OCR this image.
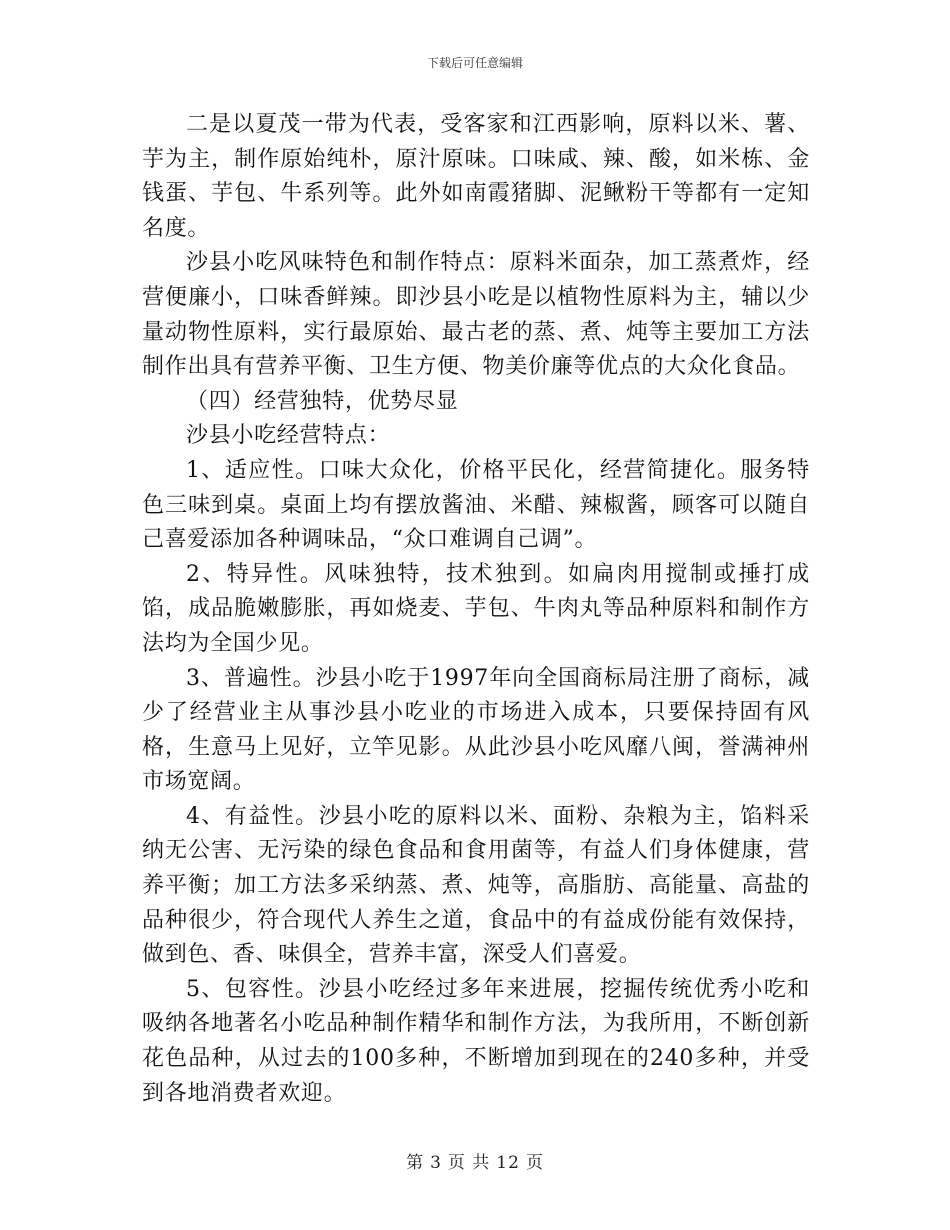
下载后可任意编辑

二是以夏茂一带为代表，受客家和江西影响，原料以米、薯、芋为主，制作原始纯朴，原汁原味。口味咸、辣、酸，如米栋、金钱蛋、芋包、牛系列等。此外如南霞猪脚、泥鳅粉干等都有一定知名度。

沙县小吃风味特色和制作特点：原料米面杂，加工蒸煮炸，经营便廉小，口味香鲜辣。即沙县小吃是以植物性原料为主，辅以少量动物性原料，实行最原始、最古老的蒸、煮、炖等主要加工方法制作出具有营养平衡、卫生方便、物美价廉等优点的大众化食品。

（四）经营独特，优势尽显

沙县小吃经营特点：

1、适应性。口味大众化，价格平民化，经营简捷化。服务特色三味到桌。桌面上均有摆放酱油、米醋、辣椒酱，顾客可以随自己喜爱添加各种调味品，“众口难调自己调”。

2、特异性。风味独特，技术独到。如扁肉用搅制或捶打成馅，成品脆嫩膨胀，再如烧麦、芋包、牛肉丸等品种原料和制作方法均为全国少见。

3、普遍性。沙县小吃于1997年向全国商标局注册了商标，减少了经营业主从事沙县小吃业的市场进入成本，只要保持固有风格，生意马上见好，立竿见影。从此沙县小吃风靡八闽，誉满神州市场宽阔。

4、有益性。沙县小吃的原料以米、面粉、杂粮为主，馅料采纳无公害、无污染的绿色食品和食用菌等，有益人们身体健康，营养平衡；加工方法多采纳蒸、煮、炖等，高脂肪、高能量、高盐的品种很少，符合现代人养生之道，食品中的有益成份能有效保持，做到色、香、味俱全，营养丰富，深受人们喜爱。

5、包容性。沙县小吃经过多年来进展，挖掘传统优秀小吃和吸纳各地著名小吃品种制作精华和制作方法，为我所用，不断创新花色品种，从过去的100多种，不断增加到现在的240多种，并受到各地消费者欢迎。

第 3 页 共 12 页
